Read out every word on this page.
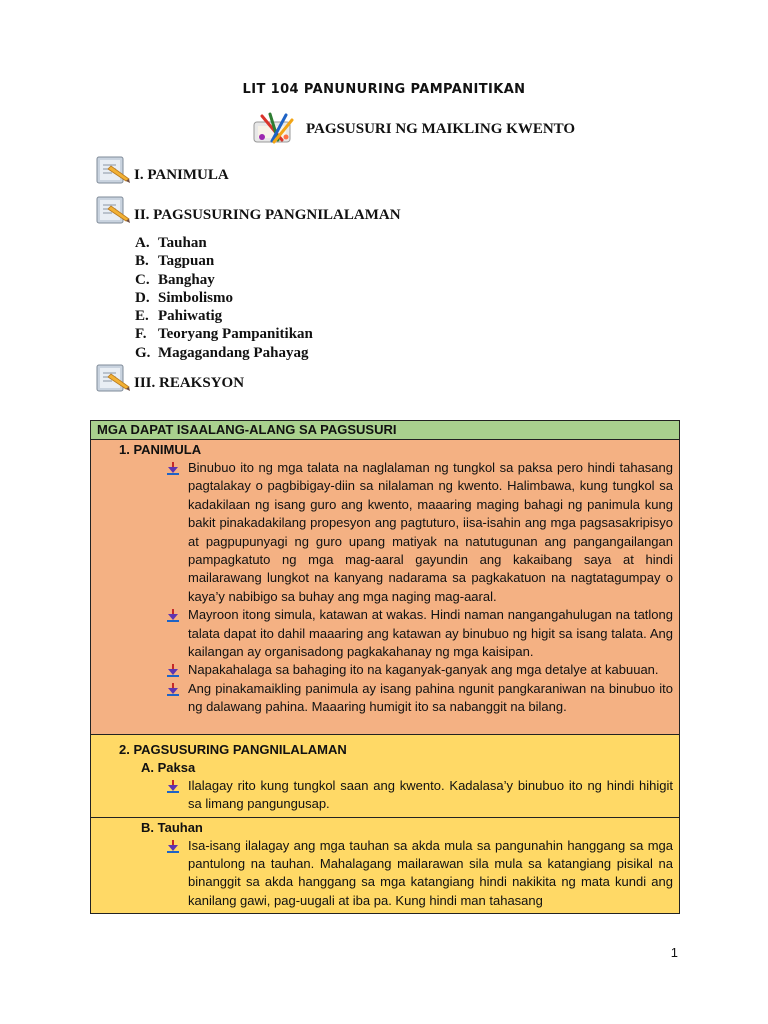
LIT 104 PANUNURING PAMPANITIKAN
PAGSUSURI NG MAIKLING KWENTO
I. PANIMULA
II. PAGSUSURING PANGNILALAMAN
A. Tauhan
B. Tagpuan
C. Banghay
D. Simbolismo
E. Pahiwatig
F. Teoryang Pampanitikan
G. Magagandang Pahayag
III. REAKSYON
MGA DAPAT ISAALANG-ALANG SA PAGSUSURI
1. PANIMULA
Binubuo ito ng mga talata na naglalaman ng tungkol sa paksa pero hindi tahasang pagtalakay o pagbibigay-diin sa nilalaman ng kwento. Halimbawa, kung tungkol sa kadakilaan ng isang guro ang kwento, maaaring maging bahagi ng panimula kung bakit pinakadakilang propesyon ang pagtuturo, iisa-isahin ang mga pagsasakripisyo at pagpupunyagi ng guro upang matiyak na natutugunan ang pangangailangan pampagkatuto ng mga mag-aaral gayundin ang kakaibang saya at hindi mailarawang lungkot na kanyang nadarama sa pagkakatuon na nagtatagumpay o kaya’y nabibigo sa buhay ang mga naging mag-aaral.
Mayroon itong simula, katawan at wakas. Hindi naman nangangahulugan na tatlong talata dapat ito dahil maaaring ang katawan ay binubuo ng higit sa isang talata. Ang kailangan ay organisadong pagkakahanay ng mga kaisipan.
Napakahalaga sa bahaging ito na kaganyak-ganyak ang mga detalye at kabuuan.
Ang pinakamaikling panimula ay isang pahina ngunit pangkaraniwan na binubuo ito ng dalawang pahina. Maaaring humigit ito sa nabanggit na bilang.
2. PAGSUSURING PANGNILALAMAN
A. Paksa
Ilalagay rito kung tungkol saan ang kwento. Kadalasa’y binubuo ito ng hindi hihigit sa limang pangungusap.
B. Tauhan
Isa-isang ilalagay ang mga tauhan sa akda mula sa pangunahin hanggang sa mga pantulong na tauhan. Mahalagang mailarawan sila mula sa katangiang pisikal na binanggit sa akda hanggang sa mga katangiang hindi nakikita ng mata kundi ang kanilang gawi, pag-uugali at iba pa. Kung hindi man tahasang
1
